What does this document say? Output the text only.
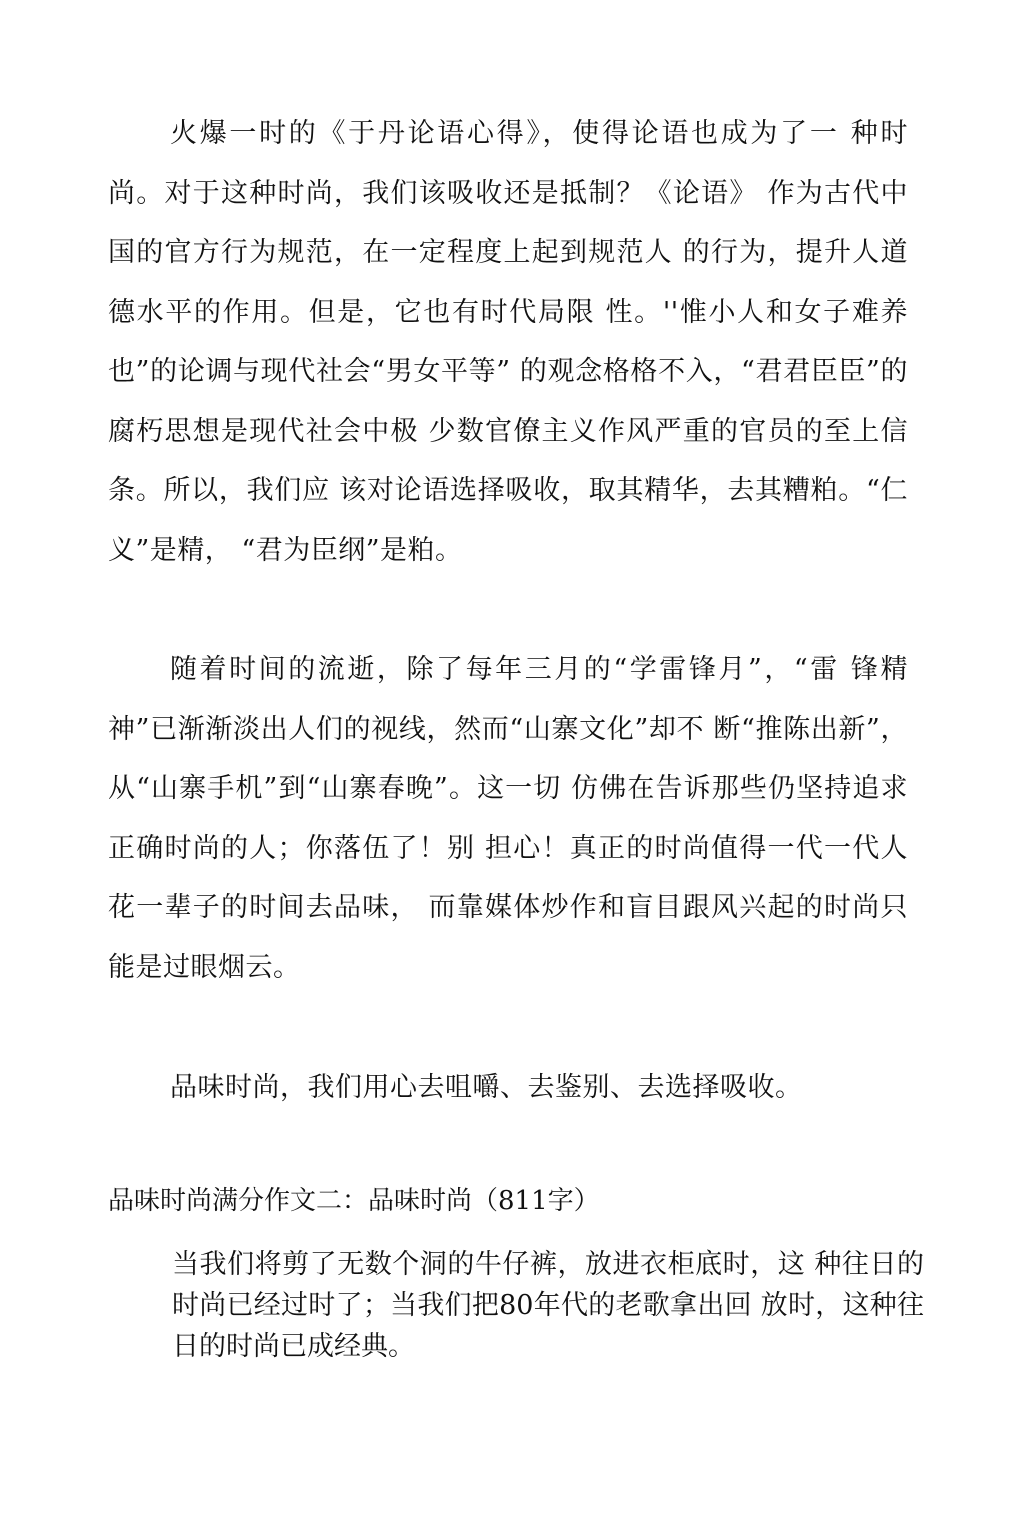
火爆一时的《于丹论语心得》，使得论语也成为了一 种时尚。对于这种时尚，我们该吸收还是抵制？《论语》 作为古代中国的官方行为规范，在一定程度上起到规范人 的行为，提升人道德水平的作用。但是，它也有时代局限 性。''惟小人和女子难养也”的论调与现代社会“男女平等” 的观念格格不入，“君君臣臣”的腐朽思想是现代社会中极 少数官僚主义作风严重的官员的至上信条。所以，我们应 该对论语选择吸收，取其精华，去其糟粕。“仁义”是精， “君为臣纲”是粕。

随着时间的流逝，除了每年三月的“学雷锋月”，“雷 锋精神”已渐渐淡出人们的视线，然而“山寨文化”却不 断“推陈出新”，从“山寨手机”到“山寨春晚”。这一切 仿佛在告诉那些仍坚持追求正确时尚的人；你落伍了！别 担心！真正的时尚值得一代一代人花一辈子的时间去品味， 而靠媒体炒作和盲目跟风兴起的时尚只能是过眼烟云。

品味时尚，我们用心去咀嚼、去鉴别、去选择吸收。

品味时尚满分作文二：品味时尚（811字）

当我们将剪了无数个洞的牛仔裤，放进衣柜底时，这 种往日的时尚已经过时了；当我们把80年代的老歌拿出回 放时，这种往日的时尚已成经典。
